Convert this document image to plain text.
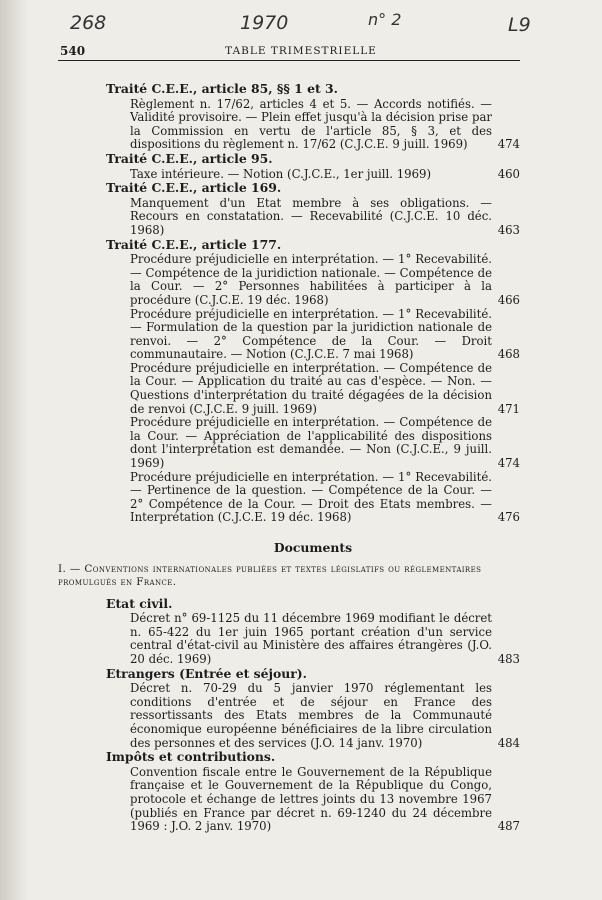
268	1970	n° 2	L9
540	TABLE TRIMESTRIELLE
Traité C.E.E., article 85, §§ 1 et 3.
Règlement n. 17/62, articles 4 et 5. — Accords notifiés. — Validité provisoire. — Plein effet jusqu'à la décision prise par la Commission en vertu de l'article 85, § 3, et des dispositions du règlement n. 17/62 (C.J.C.E. 9 juill. 1969)	474
Traité C.E.E., article 95.
Taxe intérieure. — Notion (C.J.C.E., 1er juill. 1969)	460
Traité C.E.E., article 169.
Manquement d'un Etat membre à ses obligations. — Recours en constatation. — Recevabilité (C.J.C.E. 10 déc. 1968)	463
Traité C.E.E., article 177.
Procédure préjudicielle en interprétation. — 1° Recevabilité. — Compétence de la juridiction nationale. — Compétence de la Cour. — 2° Personnes habilitées à participer à la procédure (C.J.C.E. 19 déc. 1968)	466
Procédure préjudicielle en interprétation. — 1° Recevabilité. — Formulation de la question par la juridiction nationale de renvoi. — 2° Compétence de la Cour. — Droit communautaire. — Notion (C.J.C.E. 7 mai 1968)	468
Procédure préjudicielle en interprétation. — Compétence de la Cour. — Application du traité au cas d'espèce. — Non. — Questions d'interprétation du traité dégagées de la décision de renvoi (C.J.C.E. 9 juill. 1969)	471
Procédure préjudicielle en interprétation. — Compétence de la Cour. — Appréciation de l'applicabilité des dispositions dont l'interprétation est demandée. — Non (C.J.C.E., 9 juill. 1969)	474
Procédure préjudicielle en interprétation. — 1° Recevabilité. — Pertinence de la question. — Compétence de la Cour. — 2° Compétence de la Cour. — Droit des Etats membres. — Interprétation (C.J.C.E. 19 déc. 1968)	476
Documents
I. — Conventions internationales publiées et textes législatifs ou réglementaires promulgués en France.
Etat civil.
Décret n° 69-1125 du 11 décembre 1969 modifiant le décret n. 65-422 du 1er juin 1965 portant création d'un service central d'état-civil au Ministère des affaires étrangères (J.O. 20 déc. 1969)	483
Etrangers (Entrée et séjour).
Décret n. 70-29 du 5 janvier 1970 réglementant les conditions d'entrée et de séjour en France des ressortissants des Etats membres de la Communauté économique européenne bénéficiaires de la libre circulation des personnes et des services (J.O. 14 janv. 1970)	484
Impôts et contributions.
Convention fiscale entre le Gouvernement de la République française et le Gouvernement de la République du Congo, protocole et échange de lettres joints du 13 novembre 1967 (publiés en France par décret n. 69-1240 du 24 décembre 1969 : J.O. 2 janv. 1970)	487
